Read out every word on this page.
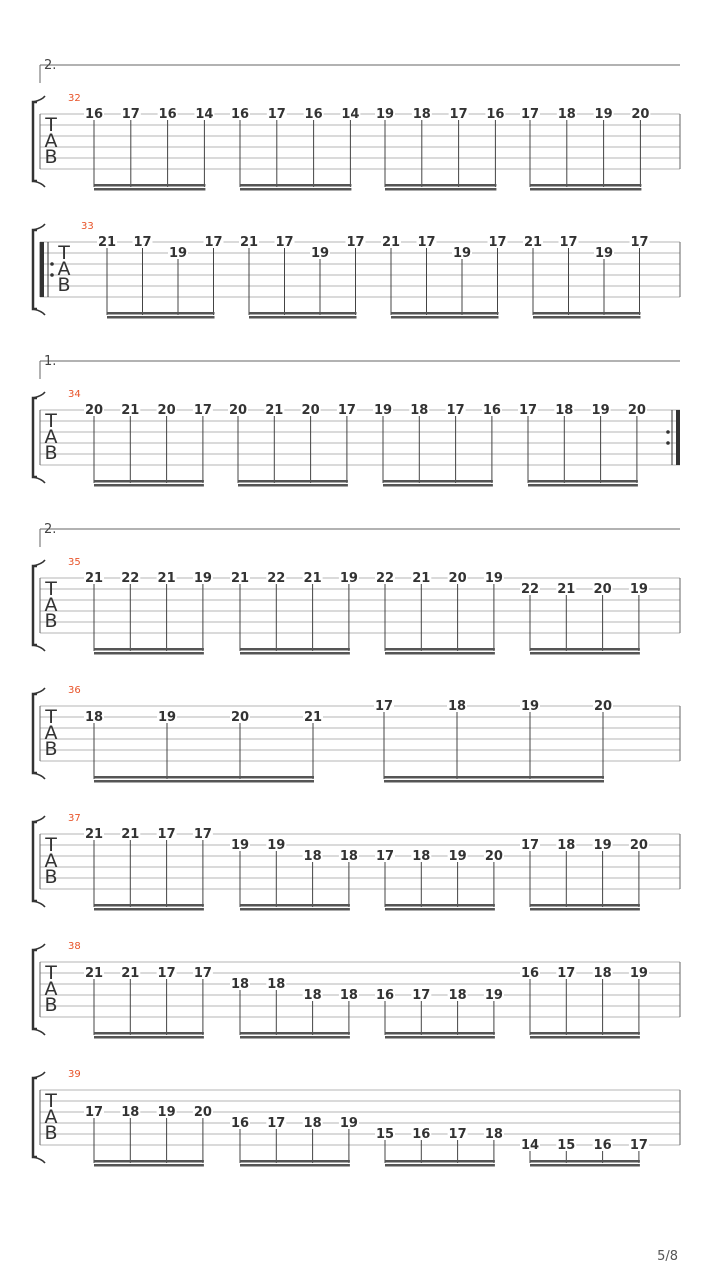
2.
T
A
B
32
16 17 16 14 16 17 16 14 19 18 17 16 17 18 19 20
T
A
B
33
21 17
19
17 21 17
19
17 21 17
19
17 21 17
19
17
1.
T
A
B
34
20 21 20 17 20 21 20 17 19 18 17 16 17 18 19 20
2.
T
A
B
35
21 22 21 19 21 22 21 19 22 21 20 19
22 21 20 19
T
A
B
36
18	19	20	21
17	18	19	20
T
A
B
37
21 21 17 17
19 19
18 18 17 18 19 20
17 18 19 20
T
A
B
38
21 21 17 17
18 18
18 18 16 17 18 19
16 17 18 19
T
A
B
39
17 18 19 20
16 17 18 19
15 16 17 18
14 15 16 17
5/8
